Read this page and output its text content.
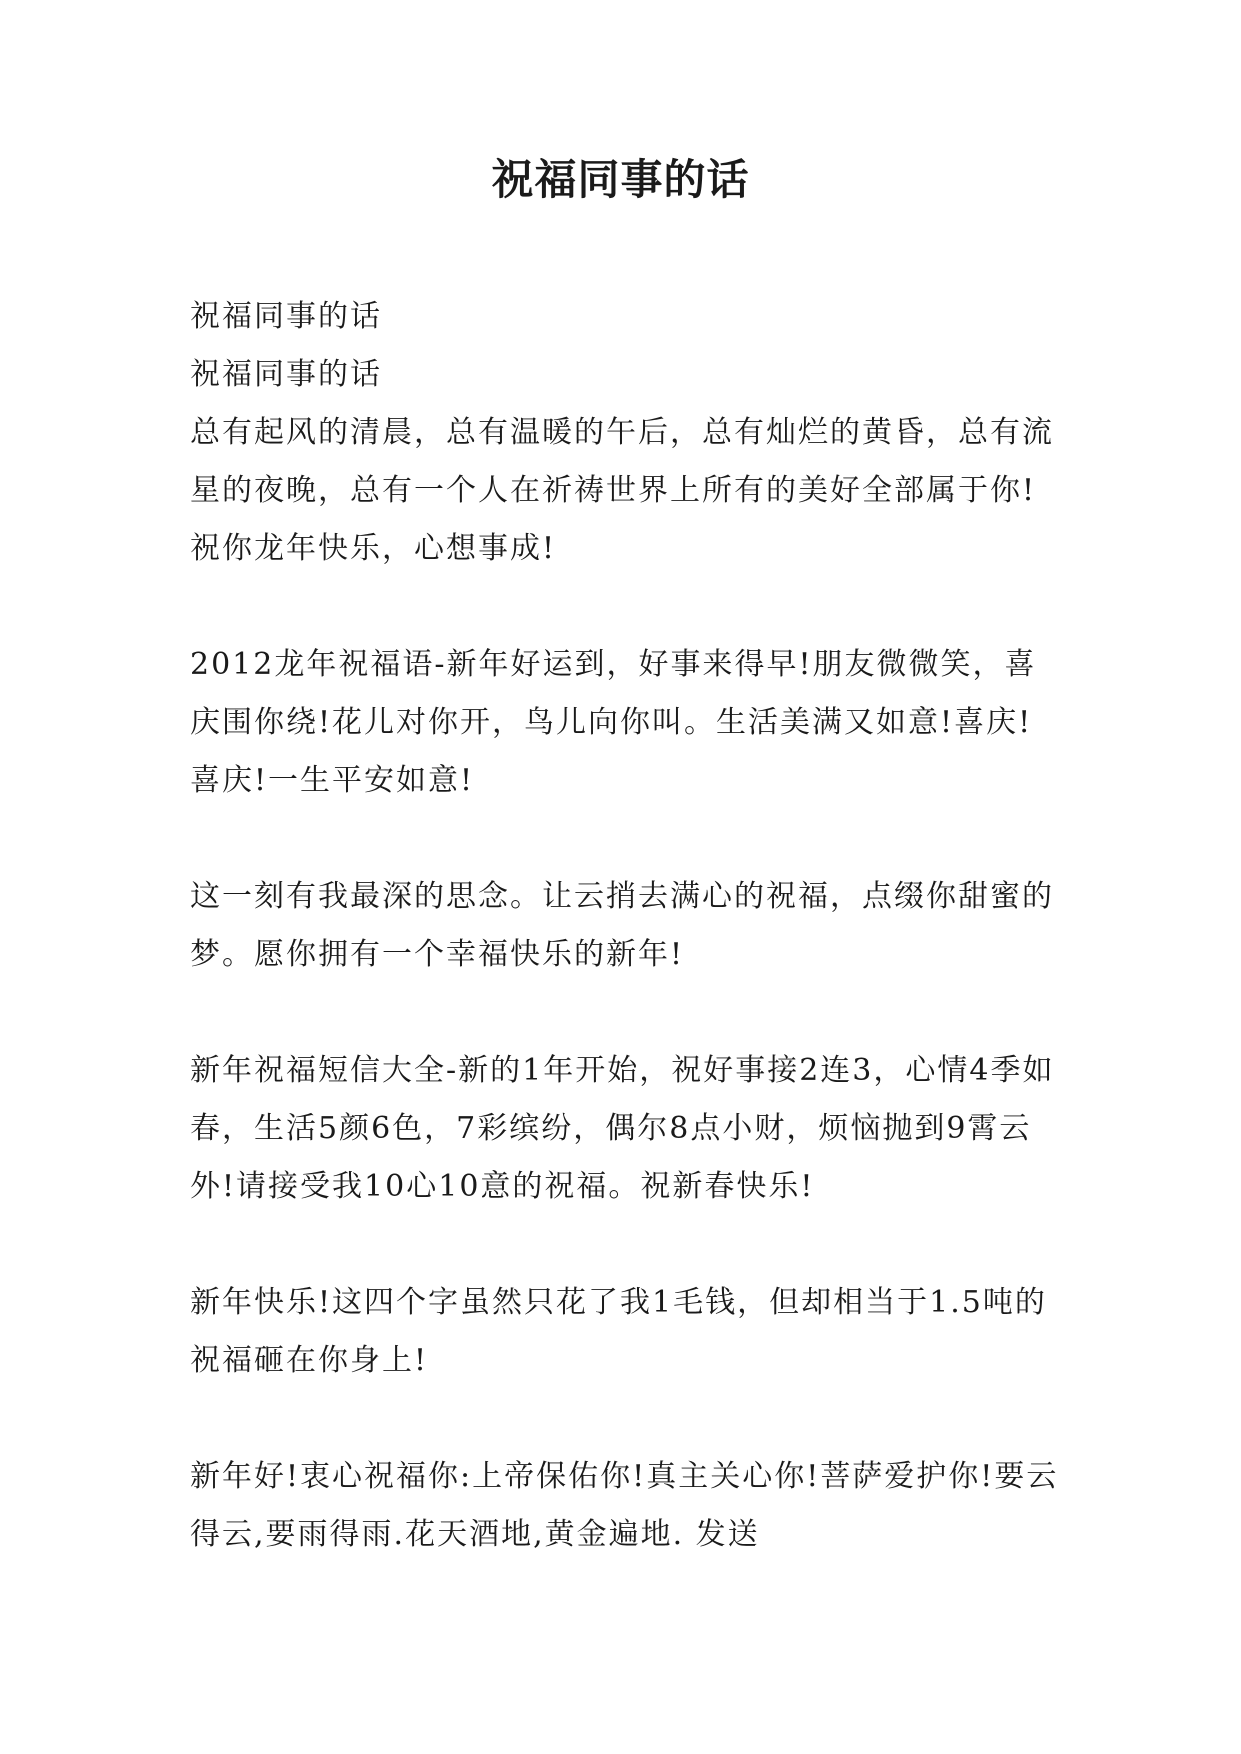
祝福同事的话

祝福同事的话

祝福同事的话

总有起风的清晨，总有温暖的午后，总有灿烂的黄昏，总有流星的夜晚，总有一个人在祈祷世界上所有的美好全部属于你!祝你龙年快乐，心想事成!

2012龙年祝福语-新年好运到，好事来得早!朋友微微笑，喜庆围你绕!花儿对你开，鸟儿向你叫。生活美满又如意!喜庆!喜庆!一生平安如意!

这一刻有我最深的思念。让云捎去满心的祝福，点缀你甜蜜的梦。愿你拥有一个幸福快乐的新年!

新年祝福短信大全-新的1年开始，祝好事接2连3，心情4季如春，生活5颜6色，7彩缤纷，偶尔8点小财，烦恼抛到9霄云外!请接受我10心10意的祝福。祝新春快乐!

新年快乐!这四个字虽然只花了我1毛钱，但却相当于1.5吨的祝福砸在你身上!

新年好!衷心祝福你:上帝保佑你!真主关心你!菩萨爱护你!要云得云,要雨得雨.花天酒地,黄金遍地. 发送
